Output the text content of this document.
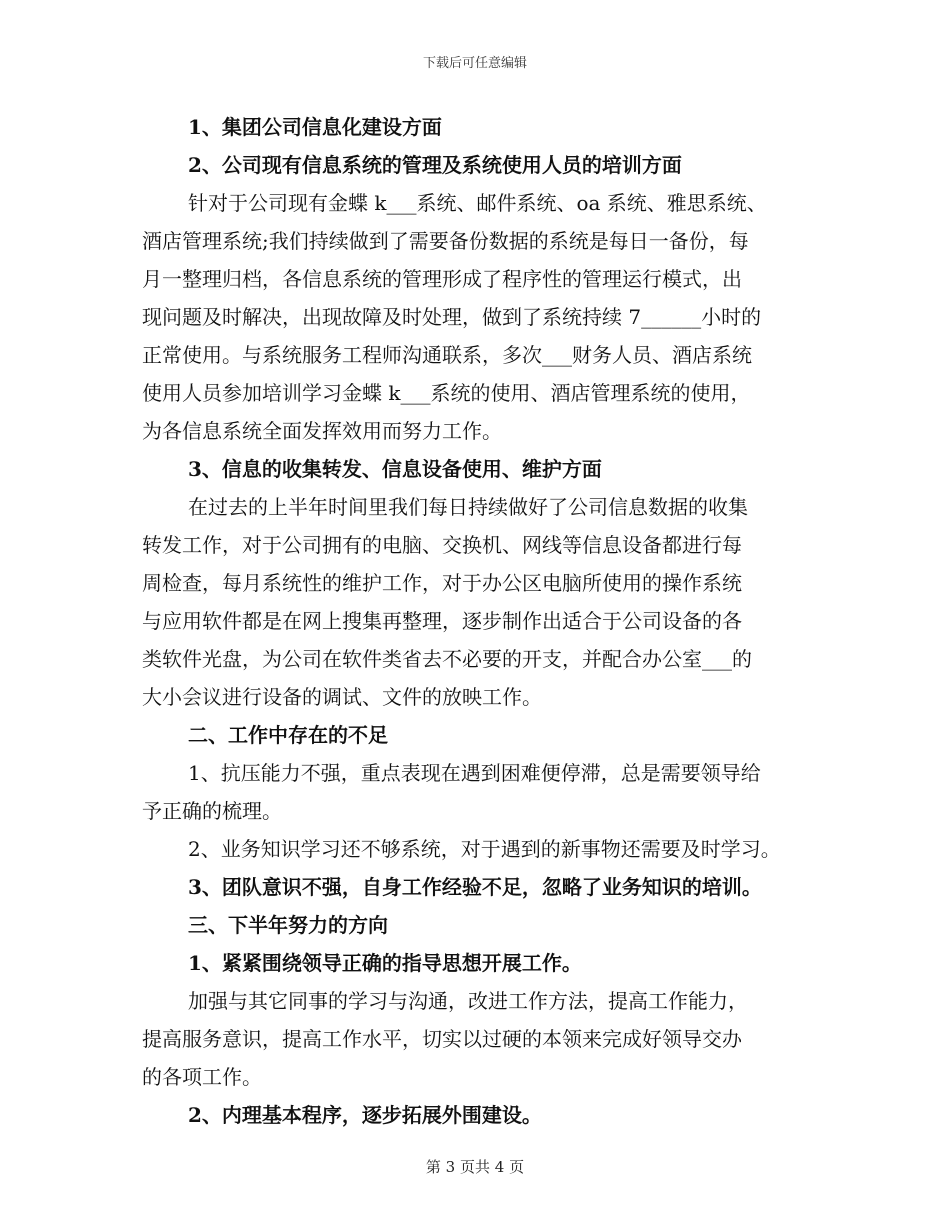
下载后可任意编辑
1、集团公司信息化建设方面
2、公司现有信息系统的管理及系统使用人员的培训方面
针对于公司现有金蝶 k___系统、邮件系统、oa 系统、雅思系统、
酒店管理系统;我们持续做到了需要备份数据的系统是每日一备份，每
月一整理归档，各信息系统的管理形成了程序性的管理运行模式，出
现问题及时解决，出现故障及时处理，做到了系统持续 7______小时的
正常使用。与系统服务工程师沟通联系，多次___财务人员、酒店系统
使用人员参加培训学习金蝶 k___系统的使用、酒店管理系统的使用，
为各信息系统全面发挥效用而努力工作。
3、信息的收集转发、信息设备使用、维护方面
在过去的上半年时间里我们每日持续做好了公司信息数据的收集
转发工作，对于公司拥有的电脑、交换机、网线等信息设备都进行每
周检查，每月系统性的维护工作，对于办公区电脑所使用的操作系统
与应用软件都是在网上搜集再整理，逐步制作出适合于公司设备的各
类软件光盘，为公司在软件类省去不必要的开支，并配合办公室___的
大小会议进行设备的调试、文件的放映工作。
二、工作中存在的不足
1、抗压能力不强，重点表现在遇到困难便停滞，总是需要领导给
予正确的梳理。
2、业务知识学习还不够系统，对于遇到的新事物还需要及时学习。
3、团队意识不强，自身工作经验不足，忽略了业务知识的培训。
三、下半年努力的方向
1、紧紧围绕领导正确的指导思想开展工作。
加强与其它同事的学习与沟通，改进工作方法，提高工作能力，
提高服务意识，提高工作水平，切实以过硬的本领来完成好领导交办
的各项工作。
2、内理基本程序，逐步拓展外围建设。
第 3 页共 4 页
